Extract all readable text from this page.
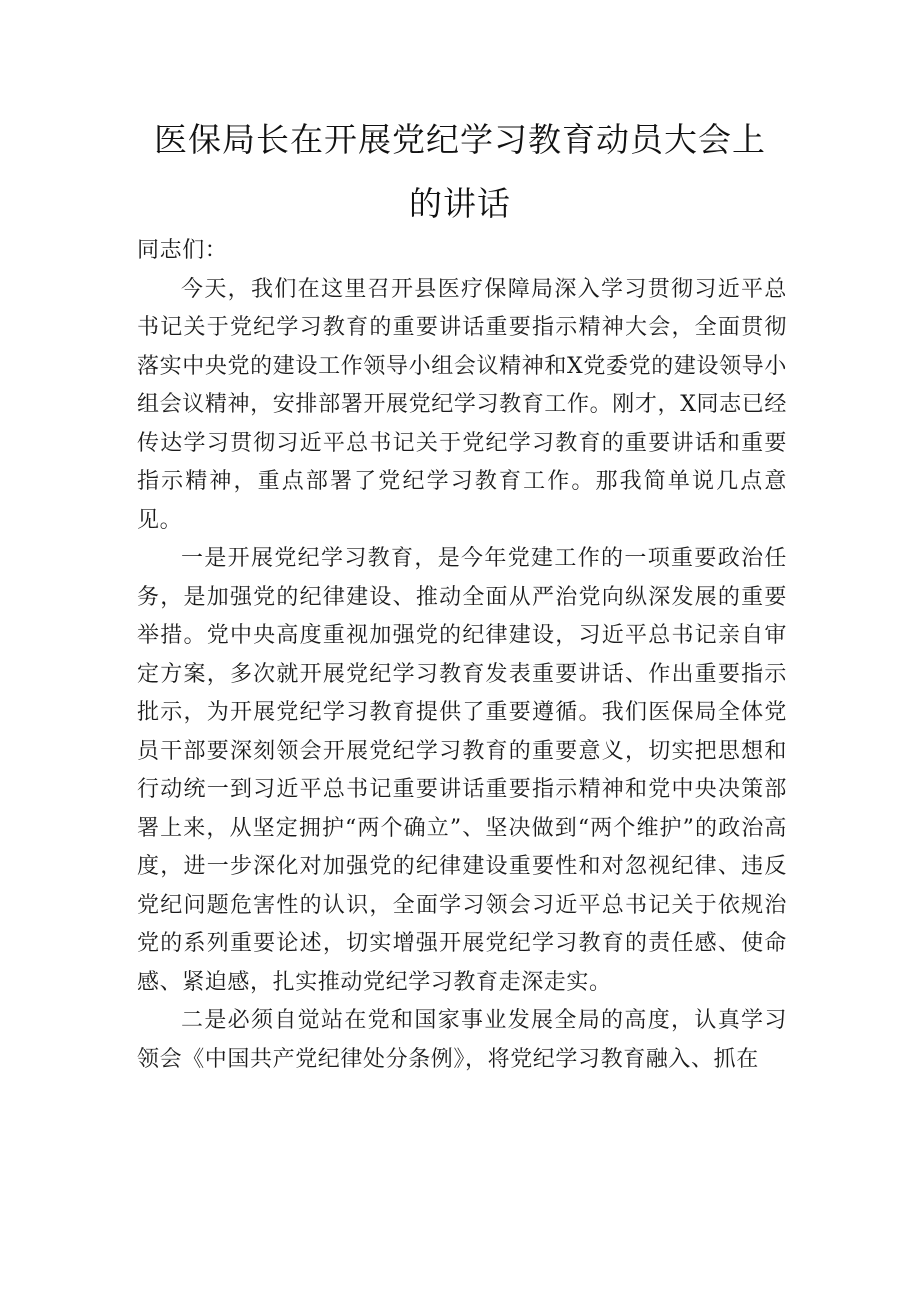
医保局长在开展党纪学习教育动员大会上
的讲话

同志们：

今天，我们在这里召开县医疗保障局深入学习贯彻习近平总书记关于党纪学习教育的重要讲话重要指示精神大会，全面贯彻落实中央党的建设工作领导小组会议精神和X党委党的建设领导小组会议精神，安排部署开展党纪学习教育工作。刚才，X同志已经传达学习贯彻习近平总书记关于党纪学习教育的重要讲话和重要指示精神，重点部署了党纪学习教育工作。那我简单说几点意见。

一是开展党纪学习教育，是今年党建工作的一项重要政治任务，是加强党的纪律建设、推动全面从严治党向纵深发展的重要举措。党中央高度重视加强党的纪律建设，习近平总书记亲自审定方案，多次就开展党纪学习教育发表重要讲话、作出重要指示批示，为开展党纪学习教育提供了重要遵循。我们医保局全体党员干部要深刻领会开展党纪学习教育的重要意义，切实把思想和行动统一到习近平总书记重要讲话重要指示精神和党中央决策部署上来，从坚定拥护“两个确立”、坚决做到“两个维护”的政治高度，进一步深化对加强党的纪律建设重要性和对忽视纪律、违反党纪问题危害性的认识，全面学习领会习近平总书记关于依规治党的系列重要论述，切实增强开展党纪学习教育的责任感、使命感、紧迫感，扎实推动党纪学习教育走深走实。

二是必须自觉站在党和国家事业发展全局的高度，认真学习领会《中国共产党纪律处分条例》，将党纪学习教育融入、抓在
